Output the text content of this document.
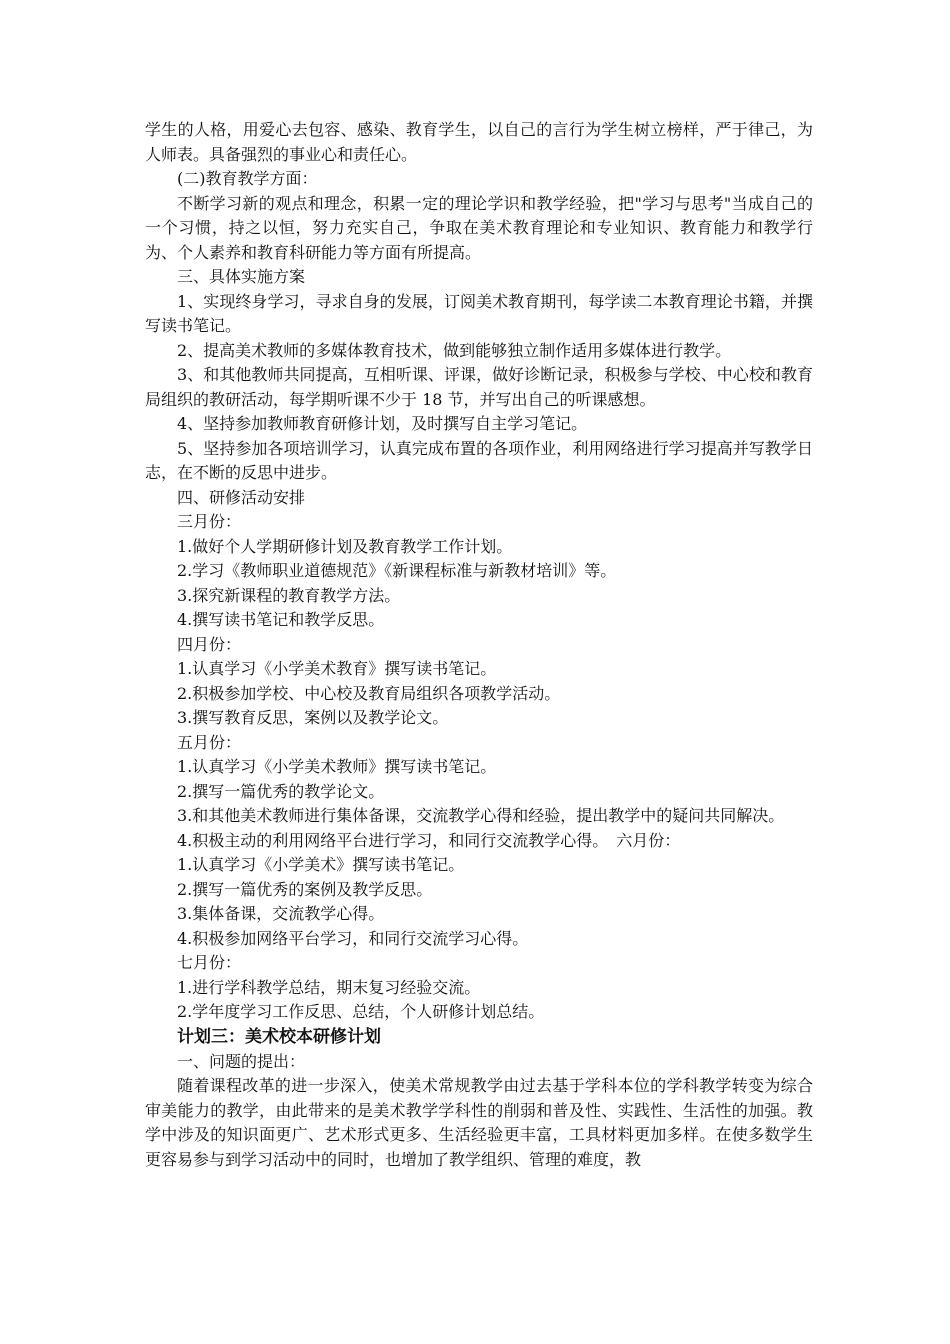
学生的人格，用爱心去包容、感染、教育学生，以自己的言行为学生树立榜样，严于律己，为人师表。具备强烈的事业心和责任心。

(二)教育教学方面：

不断学习新的观点和理念，积累一定的理论学识和教学经验，把"学习与思考"当成自己的一个习惯，持之以恒，努力充实自己，争取在美术教育理论和专业知识、教育能力和教学行为、个人素养和教育科研能力等方面有所提高。

三、具体实施方案

1、实现终身学习，寻求自身的发展，订阅美术教育期刊，每学读二本教育理论书籍，并撰写读书笔记。

2、提高美术教师的多媒体教育技术，做到能够独立制作适用多媒体进行教学。

3、和其他教师共同提高，互相听课、评课，做好诊断记录，积极参与学校、中心校和教育局组织的教研活动，每学期听课不少于 18 节，并写出自己的听课感想。

4、坚持参加教师教育研修计划，及时撰写自主学习笔记。

5、坚持参加各项培训学习，认真完成布置的各项作业，利用网络进行学习提高并写教学日志，在不断的反思中进步。

四、研修活动安排

三月份：

1.做好个人学期研修计划及教育教学工作计划。

2.学习《教师职业道德规范》《新课程标准与新教材培训》等。

3.探究新课程的教育教学方法。

4.撰写读书笔记和教学反思。

四月份：

1.认真学习《小学美术教育》撰写读书笔记。

2.积极参加学校、中心校及教育局组织各项教学活动。

3.撰写教育反思，案例以及教学论文。

五月份：

1.认真学习《小学美术教师》撰写读书笔记。

2.撰写一篇优秀的教学论文。

3.和其他美术教师进行集体备课，交流教学心得和经验，提出教学中的疑问共同解决。

4.积极主动的利用网络平台进行学习，和同行交流教学心得。　六月份：

1.认真学习《小学美术》撰写读书笔记。

2.撰写一篇优秀的案例及教学反思。

3.集体备课，交流教学心得。

4.积极参加网络平台学习，和同行交流学习心得。

七月份：

1.进行学科教学总结，期末复习经验交流。

2.学年度学习工作反思、总结，个人研修计划总结。

计划三：美术校本研修计划

一、问题的提出：

随着课程改革的进一步深入，使美术常规教学由过去基于学科本位的学科教学转变为综合审美能力的教学，由此带来的是美术教学学科性的削弱和普及性、实践性、生活性的加强。教学中涉及的知识面更广、艺术形式更多、生活经验更丰富，工具材料更加多样。在使多数学生更容易参与到学习活动中的同时，也增加了教学组织、管理的难度，教
